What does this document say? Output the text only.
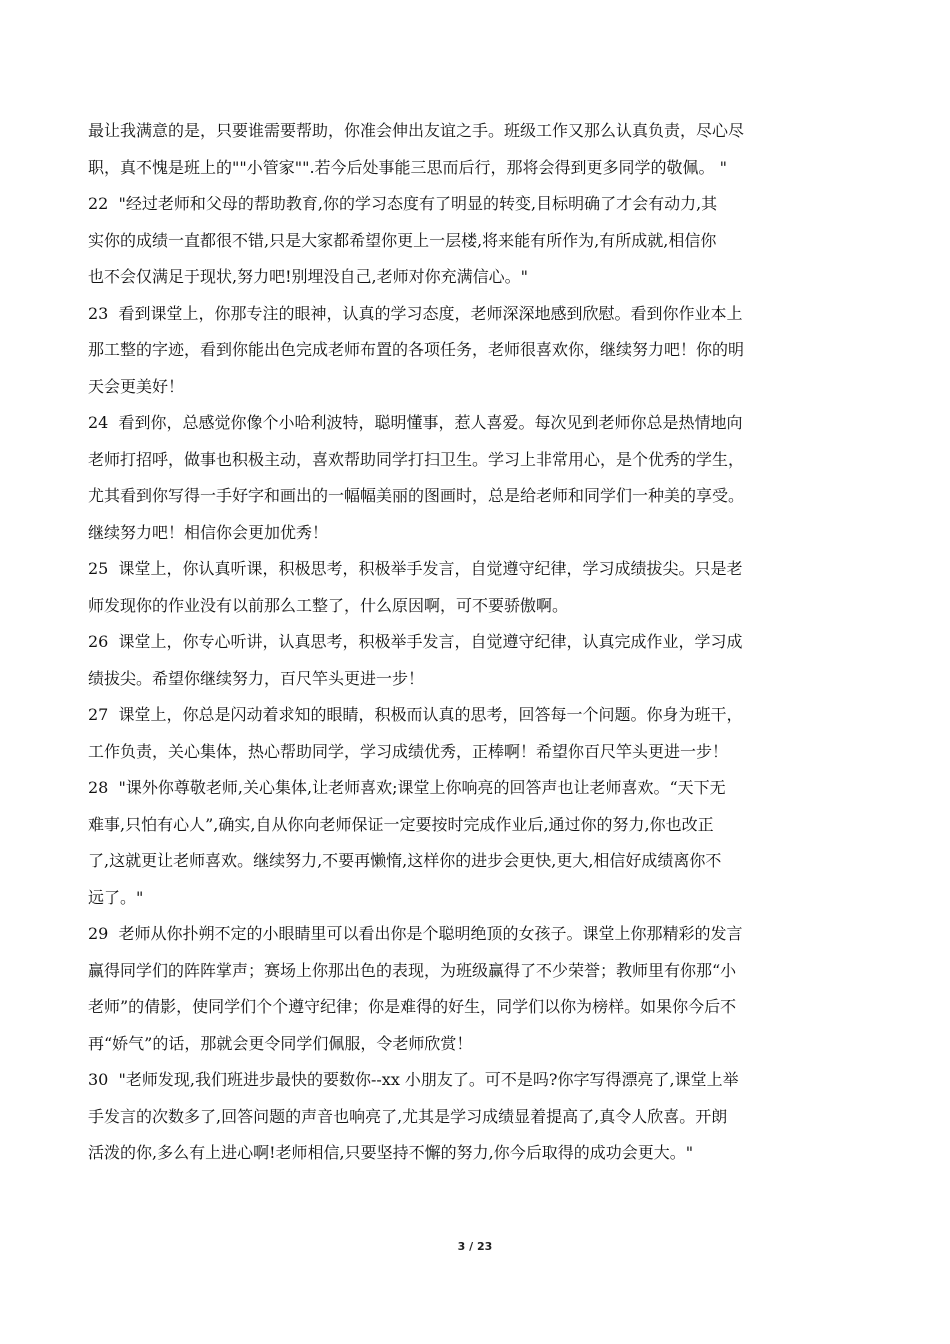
最让我满意的是，只要谁需要帮助，你准会伸出友谊之手。班级工作又那么认真负责，尽心尽
职，真不愧是班上的""小管家"".若今后处事能三思而后行，那将会得到更多同学的敬佩。 "
22  "经过老师和父母的帮助教育,你的学习态度有了明显的转变,目标明确了才会有动力,其
实你的成绩一直都很不错,只是大家都希望你更上一层楼,将来能有所作为,有所成就,相信你
也不会仅满足于现状,努力吧!别埋没自己,老师对你充满信心。"
23  看到课堂上，你那专注的眼神，认真的学习态度，老师深深地感到欣慰。看到你作业本上
那工整的字迹，看到你能出色完成老师布置的各项任务，老师很喜欢你，继续努力吧！你的明
天会更美好！
24  看到你，总感觉你像个小哈利波特，聪明懂事，惹人喜爱。每次见到老师你总是热情地向
老师打招呼，做事也积极主动，喜欢帮助同学打扫卫生。学习上非常用心，是个优秀的学生，
尤其看到你写得一手好字和画出的一幅幅美丽的图画时，总是给老师和同学们一种美的享受。
继续努力吧！相信你会更加优秀！
25  课堂上，你认真听课，积极思考，积极举手发言，自觉遵守纪律，学习成绩拔尖。只是老
师发现你的作业没有以前那么工整了，什么原因啊，可不要骄傲啊。
26  课堂上，你专心听讲，认真思考，积极举手发言，自觉遵守纪律，认真完成作业，学习成
绩拔尖。希望你继续努力，百尺竿头更进一步！
27  课堂上，你总是闪动着求知的眼睛，积极而认真的思考，回答每一个问题。你身为班干，
工作负责，关心集体，热心帮助同学，学习成绩优秀，正棒啊！希望你百尺竿头更进一步！
28  "课外你尊敬老师,关心集体,让老师喜欢;课堂上你响亮的回答声也让老师喜欢。“天下无
难事,只怕有心人”,确实,自从你向老师保证一定要按时完成作业后,通过你的努力,你也改正
了,这就更让老师喜欢。继续努力,不要再懒惰,这样你的进步会更快,更大,相信好成绩离你不
远了。"
29  老师从你扑朔不定的小眼睛里可以看出你是个聪明绝顶的女孩子。课堂上你那精彩的发言
赢得同学们的阵阵掌声；赛场上你那出色的表现，为班级赢得了不少荣誉；教师里有你那“小
老师”的倩影，使同学们个个遵守纪律；你是难得的好生，同学们以你为榜样。如果你今后不
再“娇气”的话，那就会更令同学们佩服，令老师欣赏！
30  "老师发现,我们班进步最快的要数你--xx 小朋友了。可不是吗?你字写得漂亮了,课堂上举
手发言的次数多了,回答问题的声音也响亮了,尤其是学习成绩显着提高了,真令人欣喜。开朗
活泼的你,多么有上进心啊!老师相信,只要坚持不懈的努力,你今后取得的成功会更大。"
3 / 23
